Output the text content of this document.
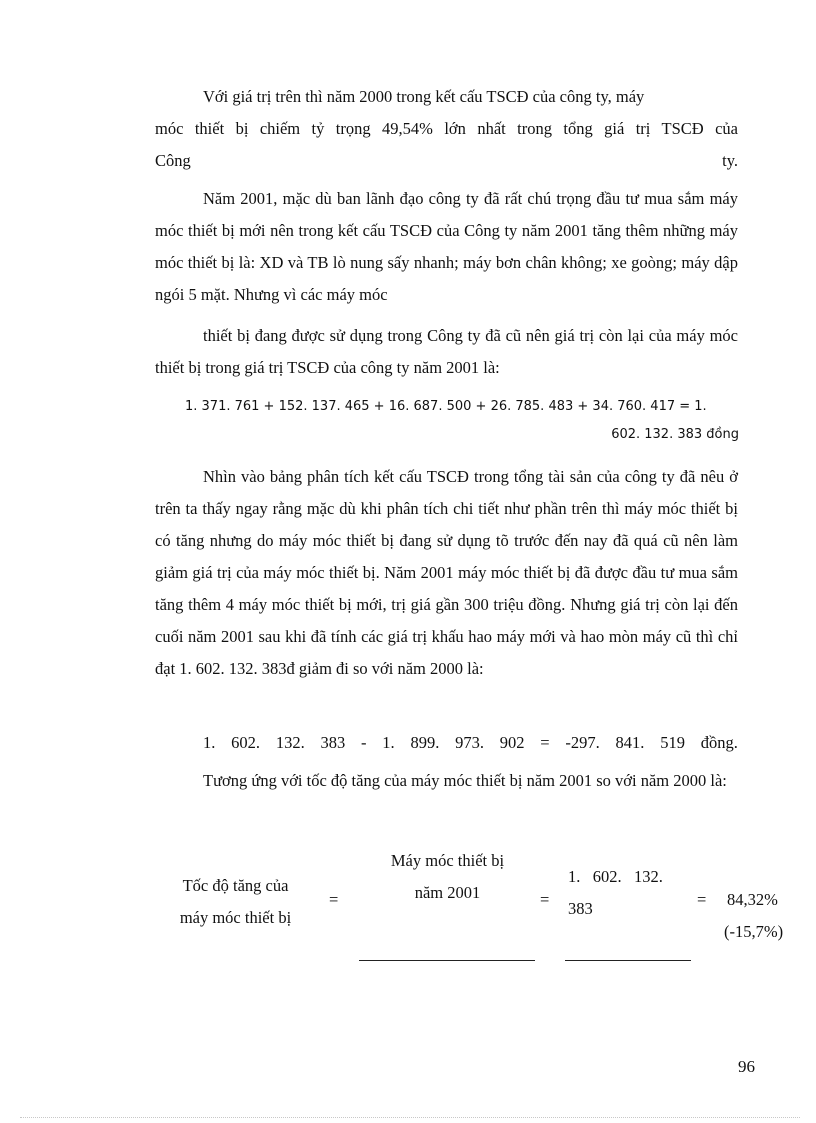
Với giá trị trên thì năm 2000 trong kết cấu TSCĐ của công ty, máy
móc thiết bị chiếm tỷ trọng 49,54% lớn nhất trong tổng giá trị TSCĐ của
Công	ty.

Năm 2001, mặc dù ban lãnh đạo công ty đã rất chú trọng đầu tư mua sắm máy móc thiết bị mới nên trong kết cấu TSCĐ của Công ty năm 2001 tăng thêm những máy móc thiết bị là: XD và TB lò nung sấy nhanh; máy bơn chân không; xe goòng; máy dập ngói 5 mặt. Nhưng vì các máy móc

thiết bị đang được sử dụng trong Công ty đã cũ nên giá trị còn lại của máy móc thiết bị trong giá trị TSCĐ của công ty năm 2001 là:

1. 371. 761 + 152. 137. 465 + 16. 687. 500 + 26. 785. 483 + 34. 760. 417 = 1.
602. 132. 383 đồng

Nhìn vào bảng phân tích kết cấu TSCĐ trong tổng tài sản của công ty đã nêu ở trên ta thấy ngay rằng mặc dù khi phân tích chi tiết như phần trên thì máy móc thiết bị có tăng nhưng do máy móc thiết bị đang sử dụng tõ trước đến nay đã quá cũ nên làm giảm giá trị của máy móc thiết bị. Năm 2001 máy móc thiết bị đã được đầu tư mua sắm tăng thêm 4 máy móc thiết bị mới, trị giá gần 300 triệu đồng. Nhưng giá trị còn lại đến cuối năm 2001 sau khi đã tính các giá trị khấu hao máy mới và hao mòn máy cũ thì chỉ đạt 1. 602. 132. 383đ giảm đi so với năm 2000 là:

1. 602. 132. 383 - 1. 899. 973. 902 = -297. 841. 519 đồng.

Tương ứng với tốc độ tăng của máy móc thiết bị năm 2001 so với năm 2000 là:

Tốc độ tăng của
máy móc thiết bị
=
Máy móc thiết bị
năm 2001	=
1.   602.   132.
383	= 84,32%
(-15,7%)
96
